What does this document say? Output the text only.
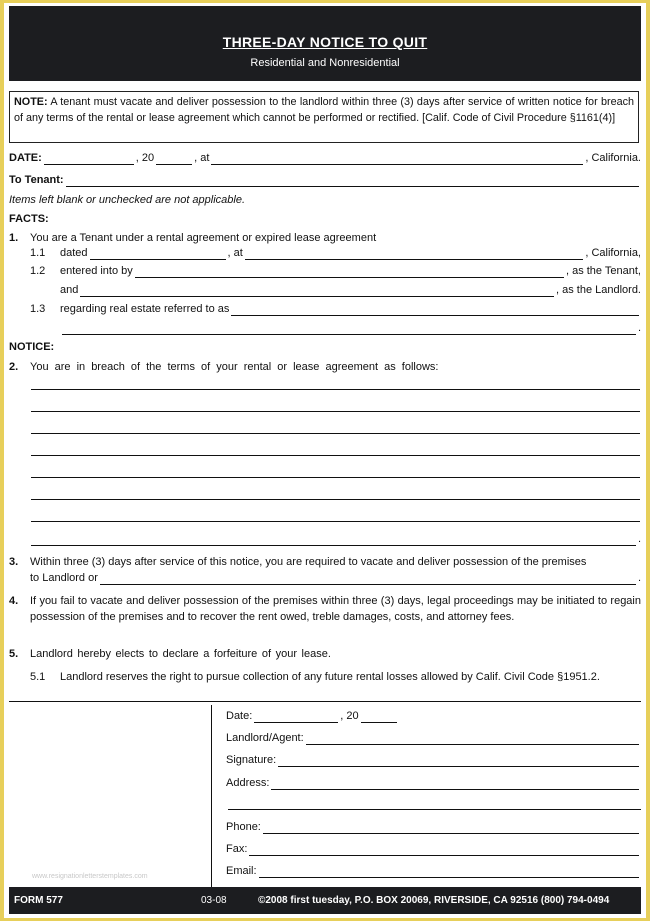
THREE-DAY NOTICE TO QUIT
Residential and Nonresidential
NOTE: A tenant must vacate and deliver possession to the landlord within three (3) days after service of written notice for breach of any terms of the rental or lease agreement which cannot be performed or rectified. [Calif. Code of Civil Procedure §1161(4)]
DATE:	, 20	, at	, California.
To Tenant:
Items left blank or unchecked are not applicable.
FACTS:
1. You are a Tenant under a rental agreement or expired lease agreement
1.1	dated	, at	, California,
1.2	entered into by	, as the Tenant,
and	, as the Landlord.
1.3	regarding real estate referred to as
.
NOTICE:
2. You are in breach of the terms of your rental or lease agreement as follows:
.
3. Within three (3) days after service of this notice, you are required to vacate and deliver possession of the premises
to Landlord or	.
4. If you fail to vacate and deliver possession of the premises within three (3) days, legal proceedings may be initiated to regain possession of the premises and to recover the rent owed, treble damages, costs, and attorney fees.
5. Landlord hereby elects to declare a forfeiture of your lease.
5.1	Landlord reserves the right to pursue collection of any future rental losses allowed by Calif. Civil Code §1951.2.
Date:	, 20
Landlord/Agent:
Signature:
Address:
Phone:
Fax:
Email:
www.resignationletterstemplates.com
FORM 577	03-08	©2008 first tuesday, P.O. BOX 20069, RIVERSIDE, CA 92516 (800) 794-0494
